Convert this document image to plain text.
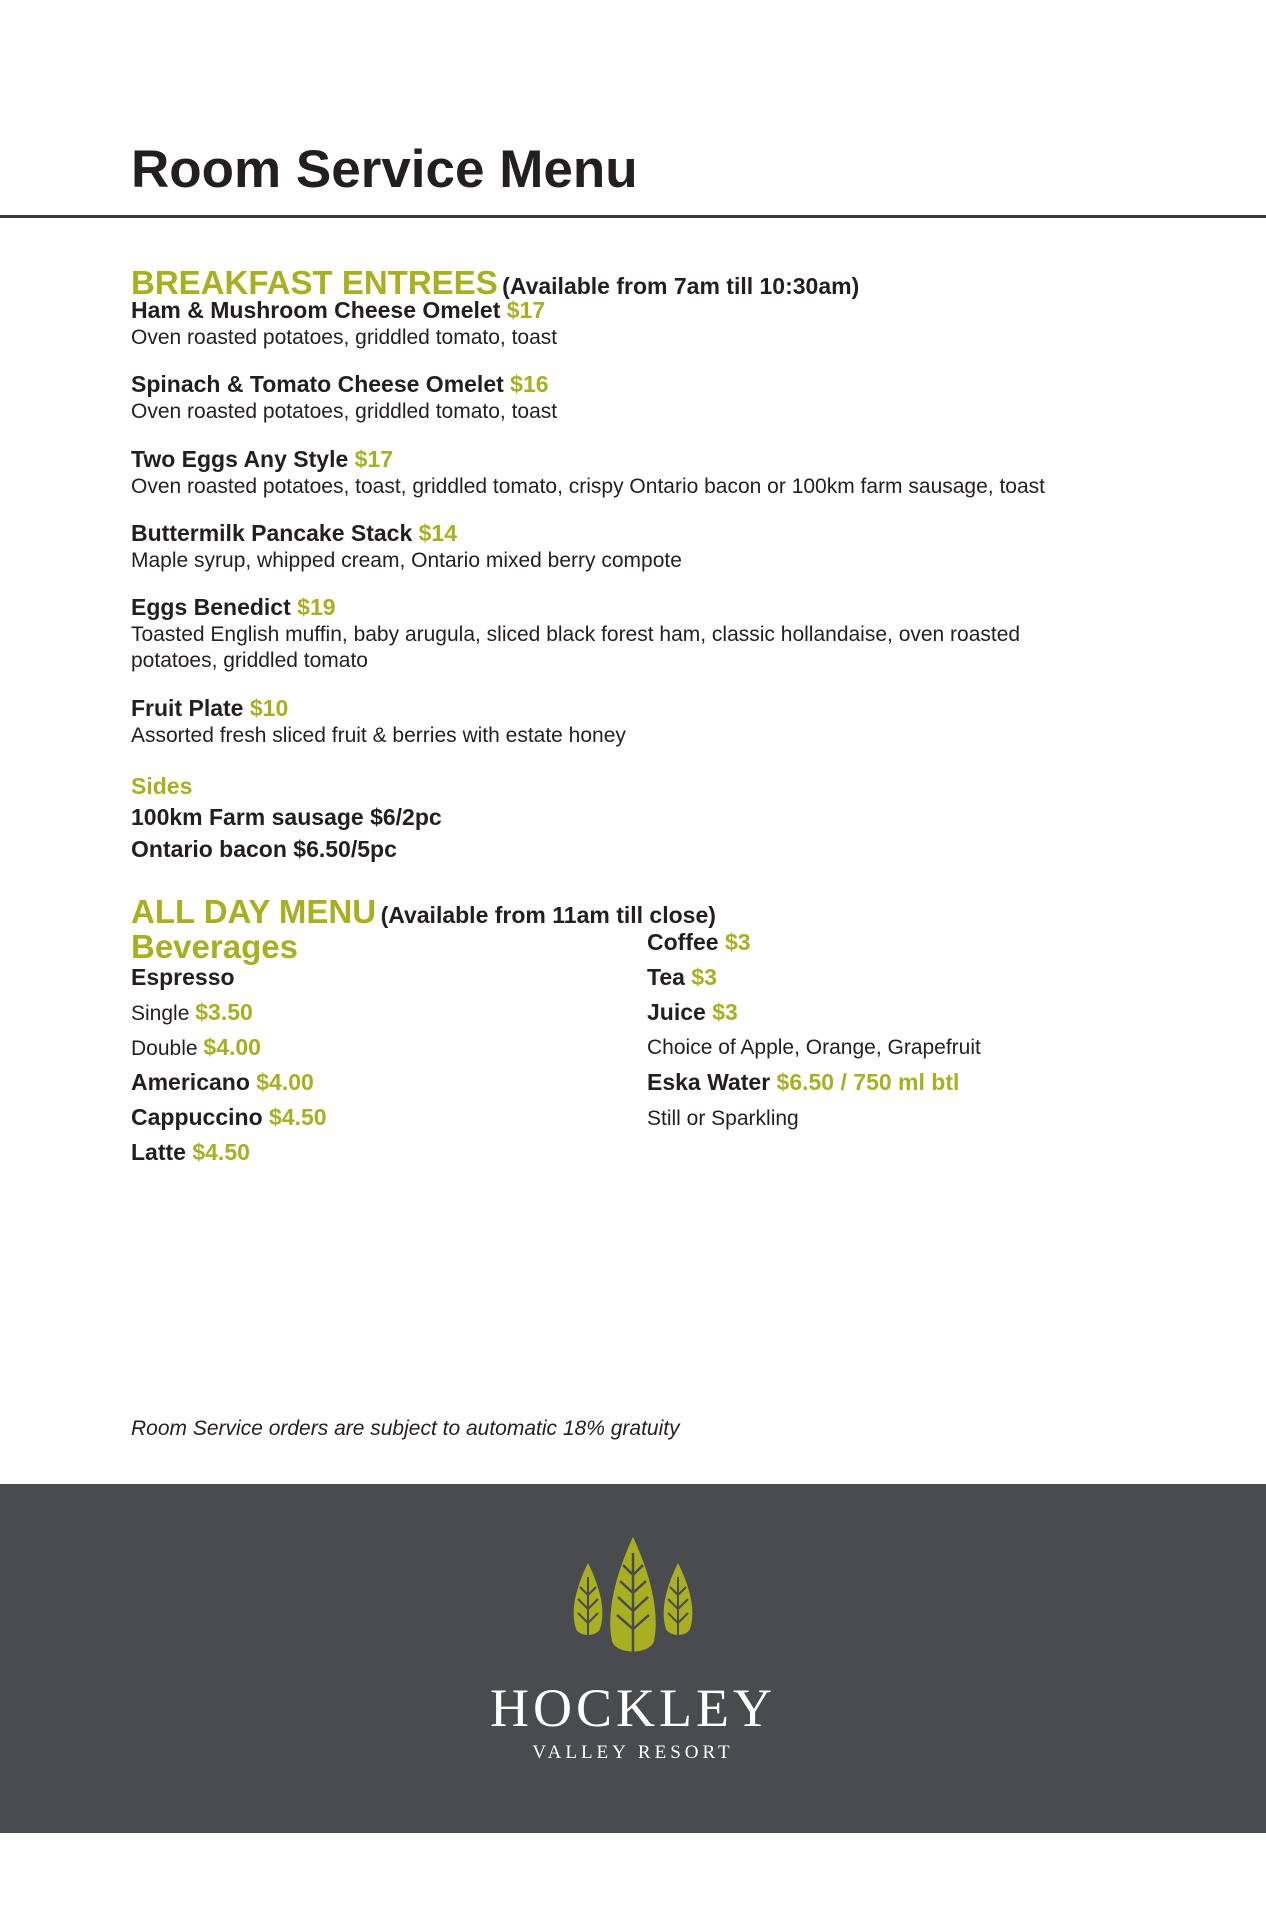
Room Service Menu
BREAKFAST ENTREES (Available from 7am till 10:30am)
Ham & Mushroom Cheese Omelet $17
Oven roasted potatoes, griddled tomato, toast
Spinach & Tomato Cheese Omelet $16
Oven roasted potatoes, griddled tomato, toast
Two Eggs Any Style $17
Oven roasted potatoes, toast, griddled tomato, crispy Ontario bacon or 100km farm sausage, toast
Buttermilk Pancake Stack $14
Maple syrup, whipped cream, Ontario mixed berry compote
Eggs Benedict $19
Toasted English muffin, baby arugula, sliced black forest ham, classic hollandaise, oven roasted potatoes, griddled tomato
Fruit Plate $10
Assorted fresh sliced fruit & berries with estate honey
Sides
100km Farm sausage $6/2pc
Ontario bacon $6.50/5pc
ALL DAY MENU (Available from 11am till close)
Beverages
Espresso
Single $3.50
Double $4.00
Americano $4.00
Cappuccino $4.50
Latte $4.50
Coffee $3
Tea $3
Juice $3
Choice of Apple, Orange, Grapefruit
Eska Water $6.50 / 750 ml btl
Still or Sparkling
Room Service orders are subject to automatic 18% gratuity
HOCKLEY
VALLEY RESORT
